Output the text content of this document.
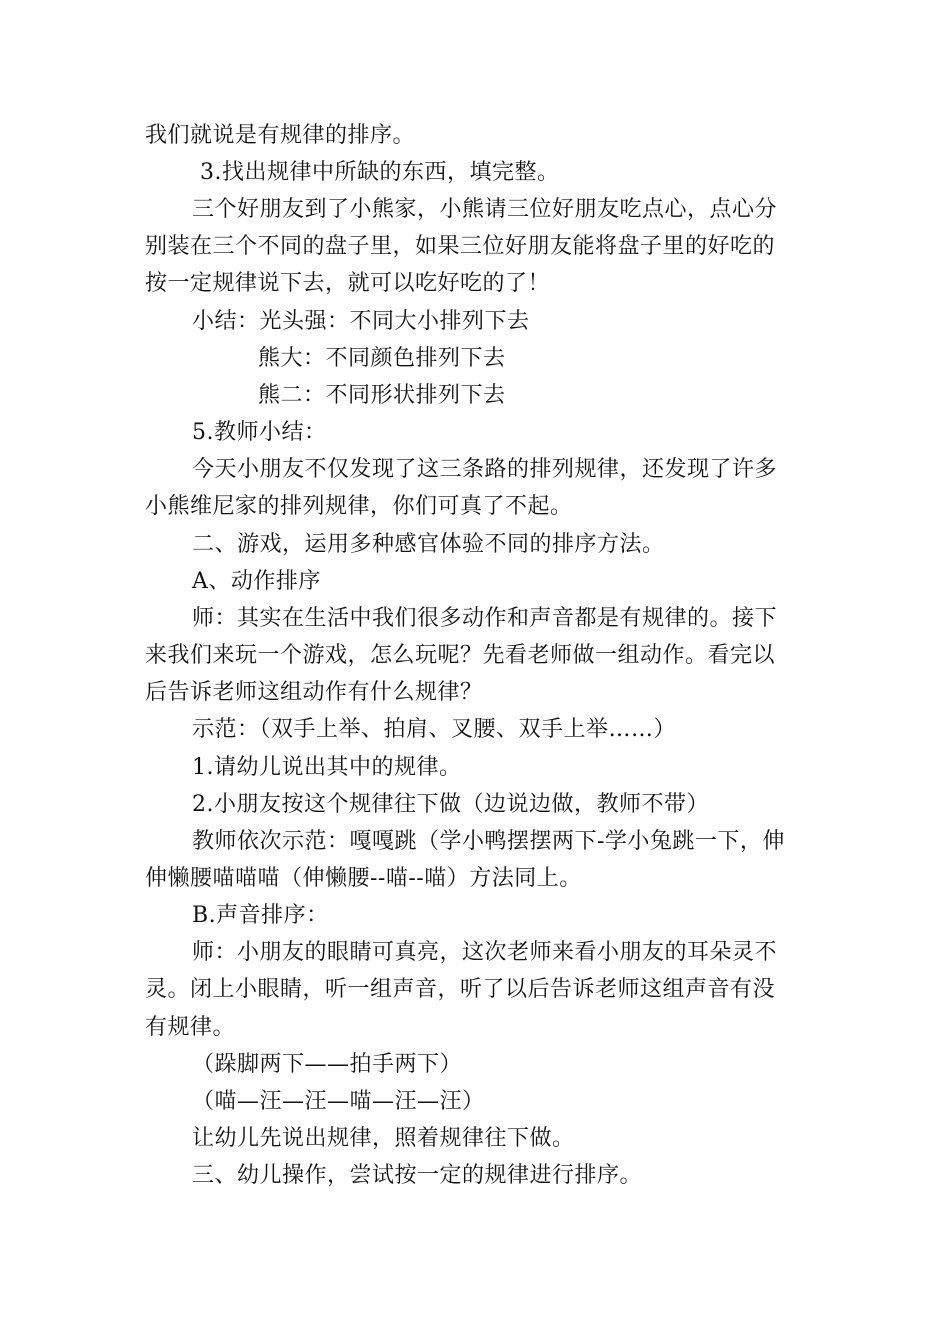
我们就说是有规律的排序。
3.找出规律中所缺的东西，填完整。
三个好朋友到了小熊家，小熊请三位好朋友吃点心，点心分
别装在三个不同的盘子里，如果三位好朋友能将盘子里的好吃的
按一定规律说下去，就可以吃好吃的了！
小结：光头强：不同大小排列下去
熊大：不同颜色排列下去
熊二：不同形状排列下去
5.教师小结：
今天小朋友不仅发现了这三条路的排列规律，还发现了许多
小熊维尼家的排列规律，你们可真了不起。
二、游戏，运用多种感官体验不同的排序方法。
A、动作排序
师：其实在生活中我们很多动作和声音都是有规律的。接下
来我们来玩一个游戏，怎么玩呢？先看老师做一组动作。看完以
后告诉老师这组动作有什么规律？
示范：（双手上举、拍肩、叉腰、双手上举……）
1.请幼儿说出其中的规律。
2.小朋友按这个规律往下做（边说边做，教师不带）
教师依次示范：嘎嘎跳（学小鸭摆摆两下-学小兔跳一下，伸
伸懒腰喵喵喵（伸懒腰--喵--喵）方法同上。
B.声音排序：
师：小朋友的眼睛可真亮，这次老师来看小朋友的耳朵灵不
灵。闭上小眼睛，听一组声音，听了以后告诉老师这组声音有没
有规律。
（跺脚两下——拍手两下）
（喵—汪—汪—喵—汪—汪）
让幼儿先说出规律，照着规律往下做。
三、幼儿操作，尝试按一定的规律进行排序。
